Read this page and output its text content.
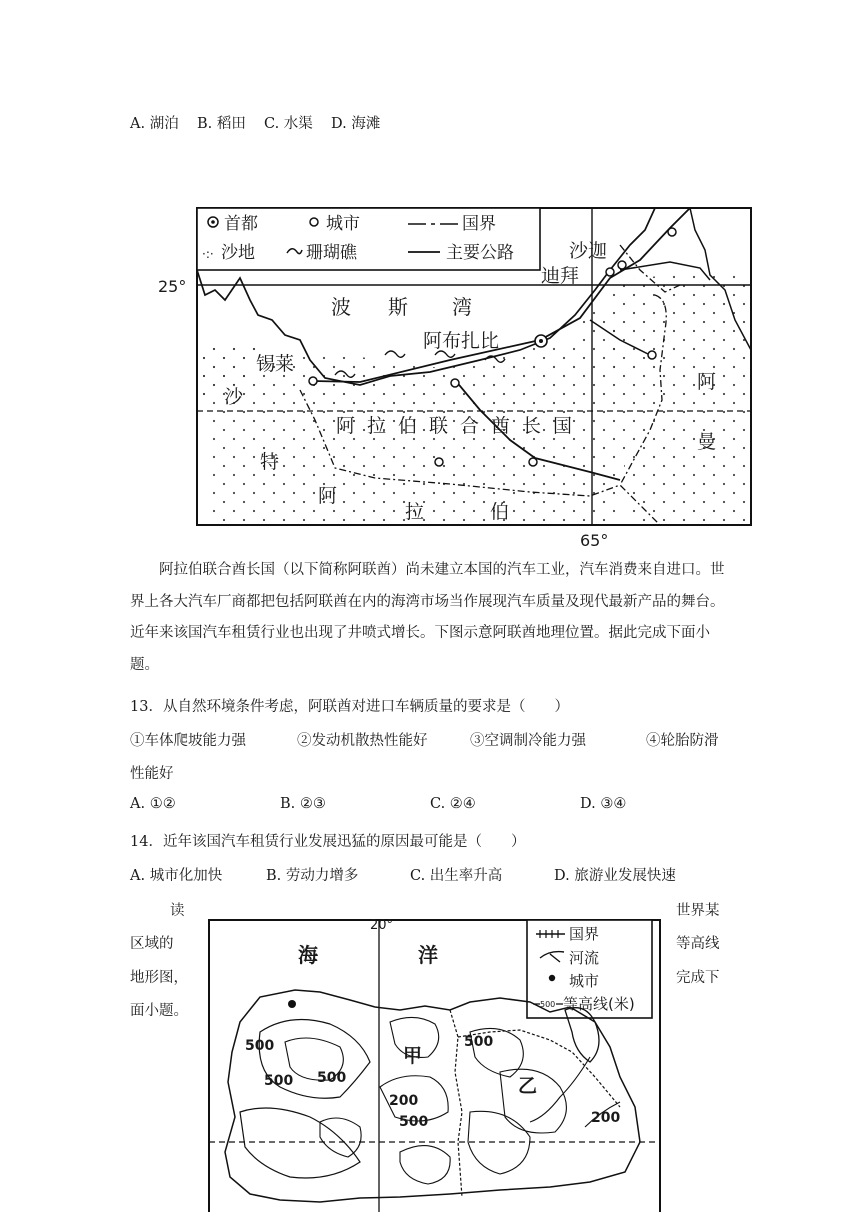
A. 湖泊 B. 稻田 C. 水渠 D. 海滩
首都	城市	国界
·:· 沙地	珊瑚礁	主要公路
25°
65°
波 斯 湾
阿布扎比
沙迦
迪拜
锡莱
阿 拉 伯 联 合 酋 长 国
沙
特
阿
拉	伯
阿
曼
阿拉伯联合酋长国（以下简称阿联酋）尚未建立本国的汽车工业，汽车消费来自进口。世界上各大汽车厂商都把包括阿联酋在内的海湾市场当作展现汽车质量及现代最新产品的舞台。近年来该国汽车租赁行业也出现了井喷式增长。下图示意阿联酋地理位置。据此完成下面小题。
13．从自然环境条件考虑，阿联酋对进口车辆质量的要求是（　　）
①车体爬坡能力强	②发动机散热性能好	③空调制冷能力强	④轮胎防滑
性能好
A. ①②	B. ②③	C. ②④	D. ③④
14．近年该国汽车租赁行业发展迅猛的原因最可能是（　　）
A. 城市化加快	B. 劳动力增多	C. 出生率升高	D. 旅游业发展快速
读
区域的
地形图，
面小题。
世界某
等高线
完成下
20°
海	洋
国界
河流
城市
500 等高线(米)
500
500 500
200
500
500
200
甲
乙
